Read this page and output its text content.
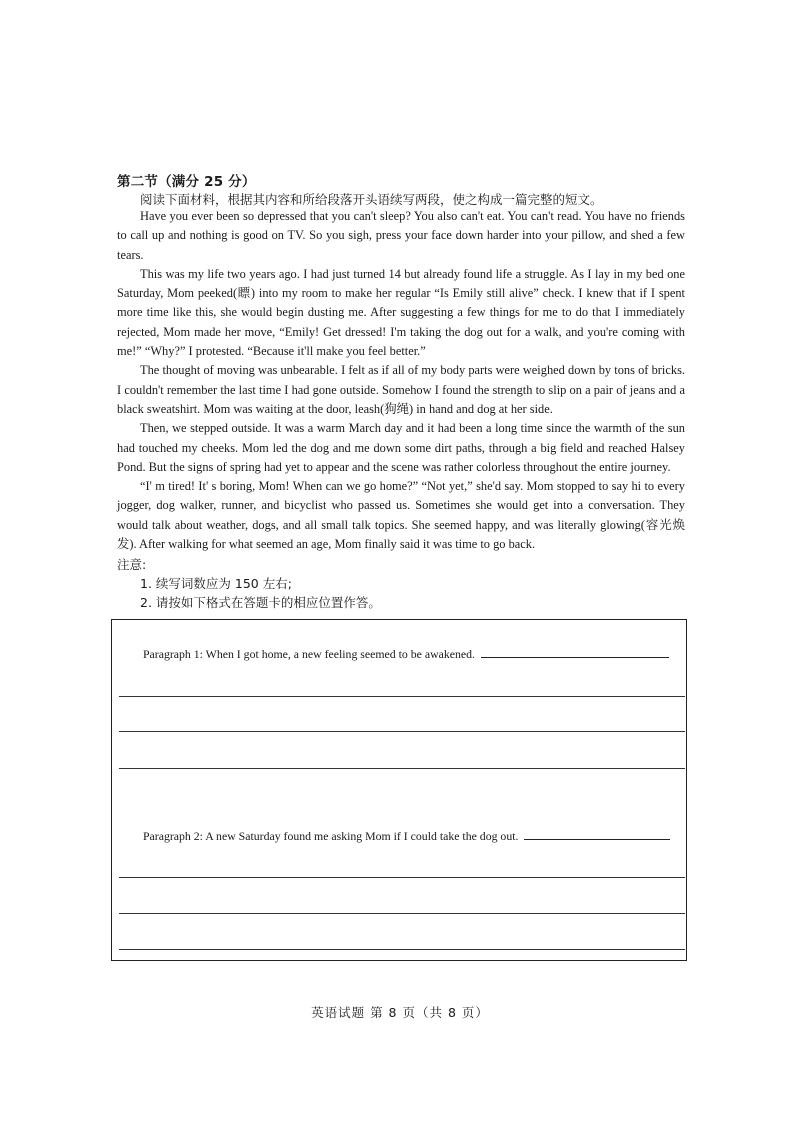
第二节（满分 25 分）
阅读下面材料，根据其内容和所给段落开头语续写两段，使之构成一篇完整的短文。

Have you ever been so depressed that you can't sleep? You also can't eat. You can't read. You have no friends to call up and nothing is good on TV. So you sigh, press your face down harder into your pillow, and shed a few tears.

This was my life two years ago. I had just turned 14 but already found life a struggle. As I lay in my bed one Saturday, Mom peeked(瞟) into my room to make her regular “Is Emily still alive” check. I knew that if I spent more time like this, she would begin dusting me. After suggesting a few things for me to do that I immediately rejected, Mom made her move, “Emily! Get dressed! I'm taking the dog out for a walk, and you're coming with me!” “Why?” I protested. “Because it'll make you feel better.”

The thought of moving was unbearable. I felt as if all of my body parts were weighed down by tons of bricks. I couldn't remember the last time I had gone outside. Somehow I found the strength to slip on a pair of jeans and a black sweatshirt. Mom was waiting at the door, leash(狗绳) in hand and dog at her side.

Then, we stepped outside. It was a warm March day and it had been a long time since the warmth of the sun had touched my cheeks. Mom led the dog and me down some dirt paths, through a big field and reached Halsey Pond. But the signs of spring had yet to appear and the scene was rather colorless throughout the entire journey.

“I' m tired! It' s boring, Mom! When can we go home?” “Not yet,” she'd say. Mom stopped to say hi to every jogger, dog walker, runner, and bicyclist who passed us. Sometimes she would get into a conversation. They would talk about weather, dogs, and all small talk topics. She seemed happy, and was literally glowing(容光焕发). After walking for what seemed an age, Mom finally said it was time to go back.

注意:
1. 续写词数应为 150 左右;
2. 请按如下格式在答题卡的相应位置作答。
Paragraph 1: When I got home, a new feeling seemed to be awakened.
Paragraph 2: A new Saturday found me asking Mom if I could take the dog out.
英语试题 第 8 页（共 8 页）
